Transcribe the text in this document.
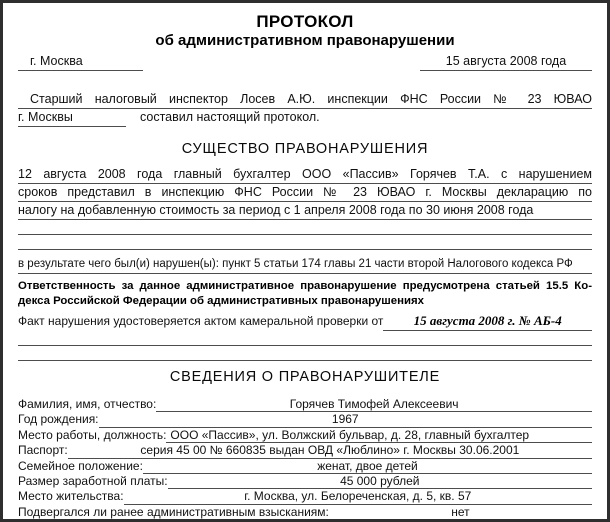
ПРОТОКОЛ
об административном правонарушении
г. Москва	15 августа 2008 года
Старший налоговый инспектор Лосев А.Ю. инспекции ФНС России № 23 ЮВАО
г. Москвы	составил настоящий протокол.
СУЩЕСТВО ПРАВОНАРУШЕНИЯ
12 августа 2008 года главный бухгалтер ООО «Пассив» Горячев Т.А. с нарушением
сроков представил в инспекцию ФНС России № 23 ЮВАО г. Москвы декларацию по
налогу на добавленную стоимость за период с 1 апреля 2008 года по 30 июня 2008 года
в результате чего был(и) нарушен(ы): пункт 5 статьи 174 главы 21 части второй Налогового кодекса РФ
Ответственность за данное административное правонарушение предусмотрена статьей 15.5 Ко-
декса Российской Федерации об административных правонарушениях
Факт нарушения удостоверяется актом камеральной проверки от	15 августа 2008 г. № АБ-4
СВЕДЕНИЯ О ПРАВОНАРУШИТЕЛЕ
Фамилия, имя, отчество:	Горячев Тимофей Алексеевич
Год рождения:	1967
Место работы, должность: ООО «Пассив», ул. Волжский бульвар, д. 28, главный бухгалтер
Паспорт:	серия 45 00 № 660835 выдан ОВД «Люблино» г. Москвы 30.06.2001
Семейное положение:	женат, двое детей
Размер заработной платы:	45 000 рублей
Место жительства:	г. Москва, ул. Белореченская, д. 5, кв. 57
Подвергался ли ранее административным взысканиям:	нет
